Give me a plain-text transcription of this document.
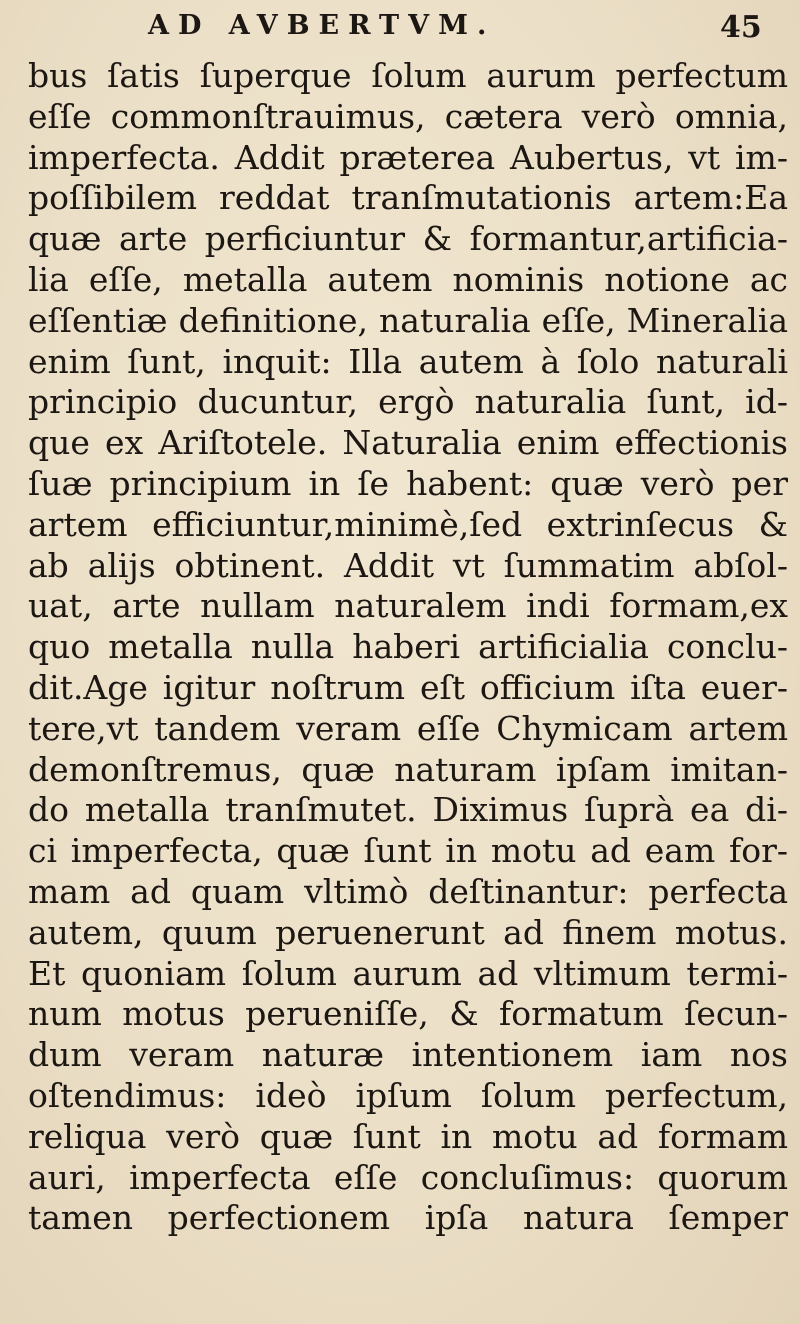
AD AVBERTVM.	45
bus ſatis ſuperque ſolum aurum perfectum
eſſe commonſtrauimus, cætera verò omnia,
imperfecta. Addit præterea Aubertus, vt im-
poſſibilem reddat tranſmutationis artem:Ea
quæ arte perficiuntur & formantur,artificia-
lia eſſe, metalla autem nominis notione ac
eſſentiæ definitione, naturalia eſſe, Mineralia
enim ſunt, inquit: Illa autem à ſolo naturali
principio ducuntur, ergò naturalia ſunt, id-
que ex Ariſtotele. Naturalia enim effectionis
ſuæ principium in ſe habent: quæ verò per
artem efficiuntur,minimè,ſed extrinſecus &
ab alijs obtinent. Addit vt ſummatim abſol-
uat, arte nullam naturalem indi formam,ex
quo metalla nulla haberi artificialia conclu-
dit.Age igitur noſtrum eſt officium iſta euer-
tere,vt tandem veram eſſe Chymicam artem
demonſtremus, quæ naturam ipſam imitan-
do metalla tranſmutet. Diximus ſuprà ea di-
ci imperfecta, quæ ſunt in motu ad eam for-
mam ad quam vltimò deſtinantur: perfecta
autem, quum peruenerunt ad finem motus.
Et quoniam ſolum aurum ad vltimum termi-
num motus perueniſſe, & formatum ſecun-
dum veram naturæ intentionem iam nos
oſtendimus: ideò ipſum ſolum perfectum,
reliqua verò quæ ſunt in motu ad formam
auri, imperfecta eſſe concluſimus: quorum
tamen perfectionem ipſa natura ſemper
